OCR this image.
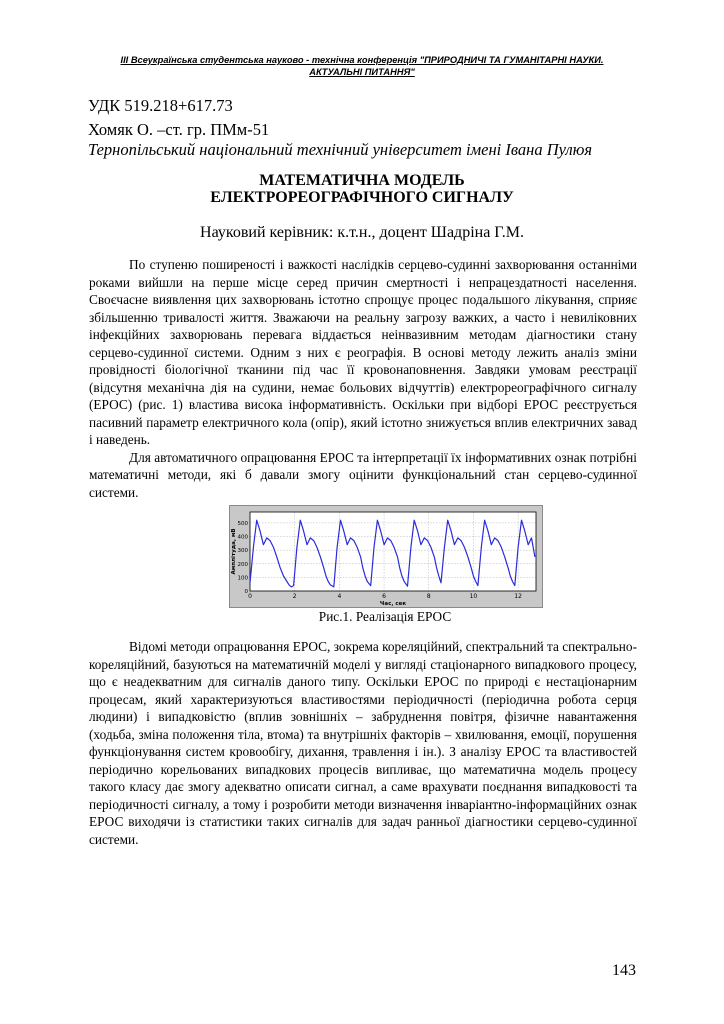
ІІІ Всеукраїнська студентська науково - технічна конференція "ПРИРОДНИЧІ ТА ГУМАНІТАРНІ НАУКИ.
АКТУАЛЬНІ ПИТАННЯ"
УДК 519.218+617.73
Хомяк О. –ст. гр. ПМм-51
Тернопільський національний технічний університет імені Івана Пулюя
МАТЕМАТИЧНА МОДЕЛЬ
ЕЛЕКТРОРЕОГРАФІЧНОГО СИГНАЛУ
Науковий керівник: к.т.н., доцент Шадріна Г.М.

По ступеню поширеності і важкості наслідків серцево-судинні захворювання останніми роками вийшли на перше місце серед причин смертності і непрацездатності населення. Своєчасне виявлення цих захворювань істотно спрощує процес подальшого лікування, сприяє збільшенню тривалості життя. Зважаючи на реальну загрозу важких, а часто і невиліковних інфекційних захворювань перевага віддається неінвазивним методам діагностики стану серцево-судинної системи. Одним з них є реографія. В основі методу лежить аналіз зміни провідності біологічної тканини під час її кровонаповнення. Завдяки умовам реєстрації (відсутня механічна дія на судини, немає больових відчуттів) електрореографічного сигналу (ЕРОС) (рис. 1) властива висока інформативність. Оскільки при відборі ЕРОС реєструється пасивний параметр електричного кола (опір), який істотно знижується вплив електричних завад і наведень.

Для автоматичного опрацювання ЕРОС та інтерпретації їх інформативних ознак потрібні математичні методи, які б давали змогу оцінити функціональний стан серцево-судинної системи.

0	2	4	6	8	10	12
0
100
200
300
400
500
Амплітуда, мВ
Час, сек
Рис.1. Реалізація ЕРОС

Відомі методи опрацювання ЕРОС, зокрема кореляційний, спектральний та спектрально-кореляційний, базуються на математичній моделі у вигляді стаціонарного випадкового процесу, що є неадекватним для сигналів даного типу. Оскільки ЕРОС по природі є нестаціонарним процесам, який характеризуються властивостями періодичності (періодична робота серця людини) і випадковістю (вплив зовнішніх – забруднення повітря, фізичне навантаження (ходьба, зміна положення тіла, втома) та внутрішніх факторів – хвилювання, емоції, порушення функціонування систем кровообігу, дихання, травлення і ін.). З аналізу ЕРОС та властивостей періодично корельованих випадкових процесів випливає, що математична модель процесу такого класу дає змогу адекватно описати сигнал, а саме врахувати поєднання випадковості та періодичності сигналу, а тому і розробити методи визначення інваріантно-інформаційних ознак ЕРОС виходячи із статистики таких сигналів для задач ранньої діагностики серцево-судинної системи.

143
